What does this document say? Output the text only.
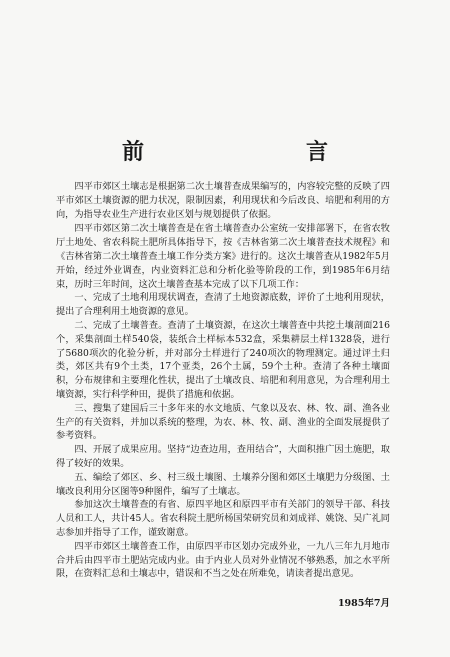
前　言

四平市郊区土壤志是根据第二次土壤普查成果编写的，内容较完整的反映了四平市郊区土壤资源的肥力状况，限制因素，利用现状和今后改良、培肥和利用的方向，为指导农业生产进行农业区划与规划提供了依据。

四平市郊区第二次土壤普查是在省土壤普查办公室统一安排部署下，在省农牧厅土地处、省农科院土肥所具体指导下，按《吉林省第二次土壤普查技术规程》和《吉林省第二次土壤普查土壤工作分类方案》进行的。这次土壤普查从1982年5月开始，经过外业调查，内业资料汇总和分析化验等阶段的工作，到1985年6月结束，历时三年时间，这次土壤普查基本完成了以下几项工作：

一、完成了土地利用现状调查，查清了土地资源底数，评价了土地利用现状，提出了合理利用土地资源的意见。

二、完成了土壤普查。查清了土壤资源，在这次土壤普查中共挖土壤剖面216个，采集剖面土样540袋，装纸合土样标本532盒，采集耕层土样1328袋，进行了5680项次的化验分析，并对部分土样进行了240项次的物理测定。通过评土归类，郊区共有9个土类，17个亚类，26个土属，59个土种。查清了各种土壤面积，分布规律和主要理化性状，提出了土壤改良、培肥和利用意见，为合理利用土壤资源，实行科学种田，提供了措施和依据。

三、搜集了建国后三十多年来的水文地质、气象以及农、林、牧、副、渔各业生产的有关资料，并加以系统的整理，为农、林、牧、副、渔业的全面发展提供了参考资料。

四、开展了成果应用。坚持“边查边用，查用结合”，大面积推广因土施肥，取得了较好的效果。

五、编绘了郊区、乡、村三级土壤图、土壤养分图和郊区土壤肥力分级图、土壤改良利用分区图等9种图件，编写了土壤志。

参加这次土壤普查的有省、原四平地区和原四平市有关部门的领导干部、科技人员和工人，共计45人。省农科院土肥所杨国荣研究员和刘成祥、姚饶、吴广礼同志参加并指导了工作，谨致谢意。

四平市郊区土壤普查工作，由原四平市区划办完成外业，一九八三年九月地市合并后由四平市土肥站完成内业。由于内业人员对外业情况不够熟悉，加之水平所限，在资料汇总和土壤志中，错误和不当之处在所难免，请读者提出意见。

1985年7月
